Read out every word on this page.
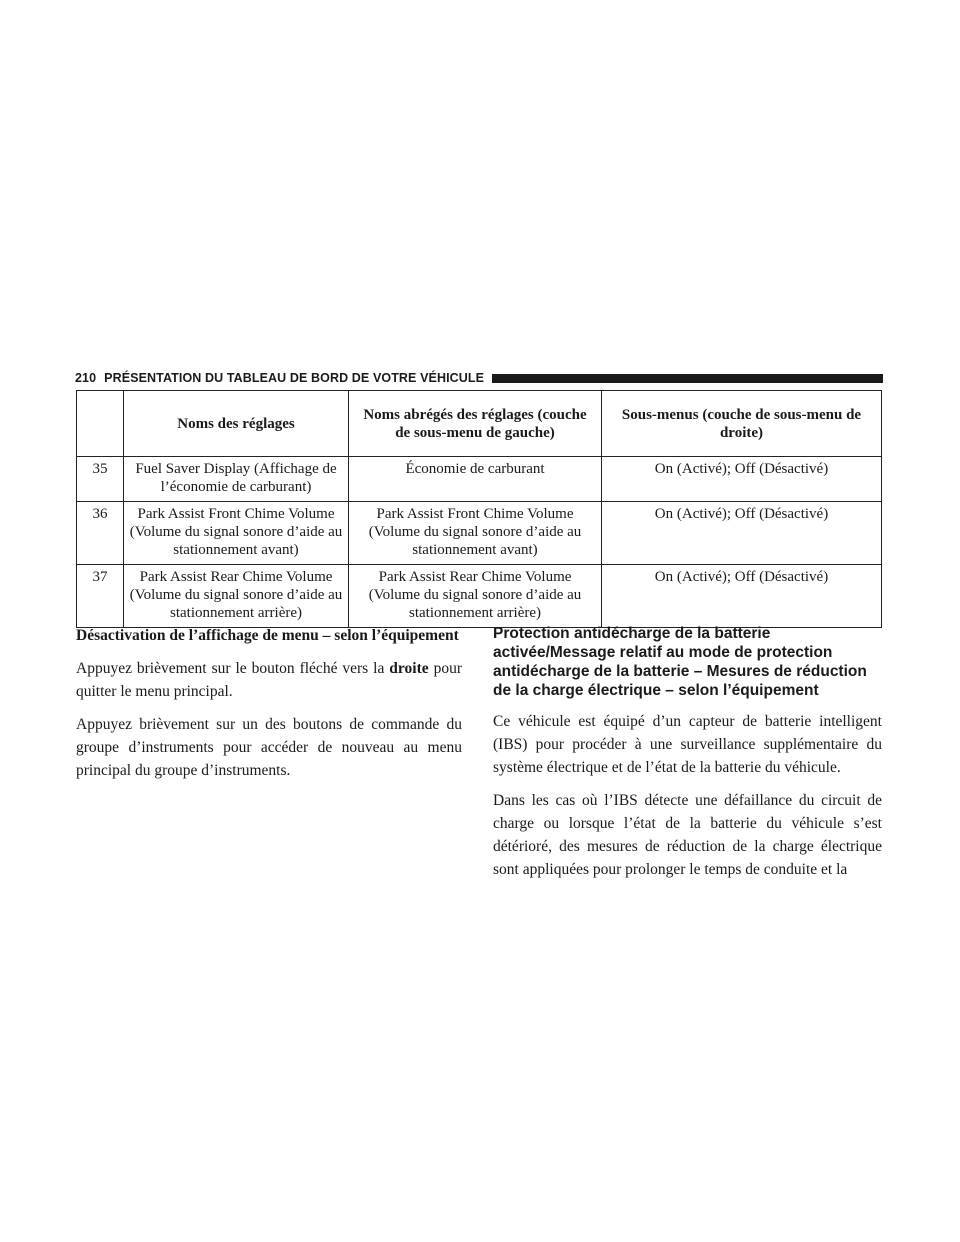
210 PRÉSENTATION DU TABLEAU DE BORD DE VOTRE VÉHICULE
	Noms des réglages	Noms abrégés des réglages (couche de sous-menu de gauche)	Sous-menus (couche de sous-menu de droite)
35	Fuel Saver Display (Affichage de l’économie de carburant)	Économie de carburant	On (Activé); Off (Désactivé)
36	Park Assist Front Chime Volume (Volume du signal sonore d’aide au stationnement avant)	Park Assist Front Chime Volume (Volume du signal sonore d’aide au stationnement avant)	On (Activé); Off (Désactivé)
37	Park Assist Rear Chime Volume (Volume du signal sonore d’aide au stationnement arrière)	Park Assist Rear Chime Volume (Volume du signal sonore d’aide au stationnement arrière)	On (Activé); Off (Désactivé)

Désactivation de l’affichage de menu – selon l’équipement

Appuyez brièvement sur le bouton fléché vers la droite pour quitter le menu principal.

Appuyez brièvement sur un des boutons de commande du groupe d’instruments pour accéder de nouveau au menu principal du groupe d’instruments.

Protection antidécharge de la batterie activée/Message relatif au mode de protection antidécharge de la batterie – Mesures de réduction de la charge électrique – selon l’équipement

Ce véhicule est équipé d’un capteur de batterie intelligent (IBS) pour procéder à une surveillance supplémentaire du système électrique et de l’état de la batterie du véhicule.

Dans les cas où l’IBS détecte une défaillance du circuit de charge ou lorsque l’état de la batterie du véhicule s’est détérioré, des mesures de réduction de la charge électrique sont appliquées pour prolonger le temps de conduite et la
